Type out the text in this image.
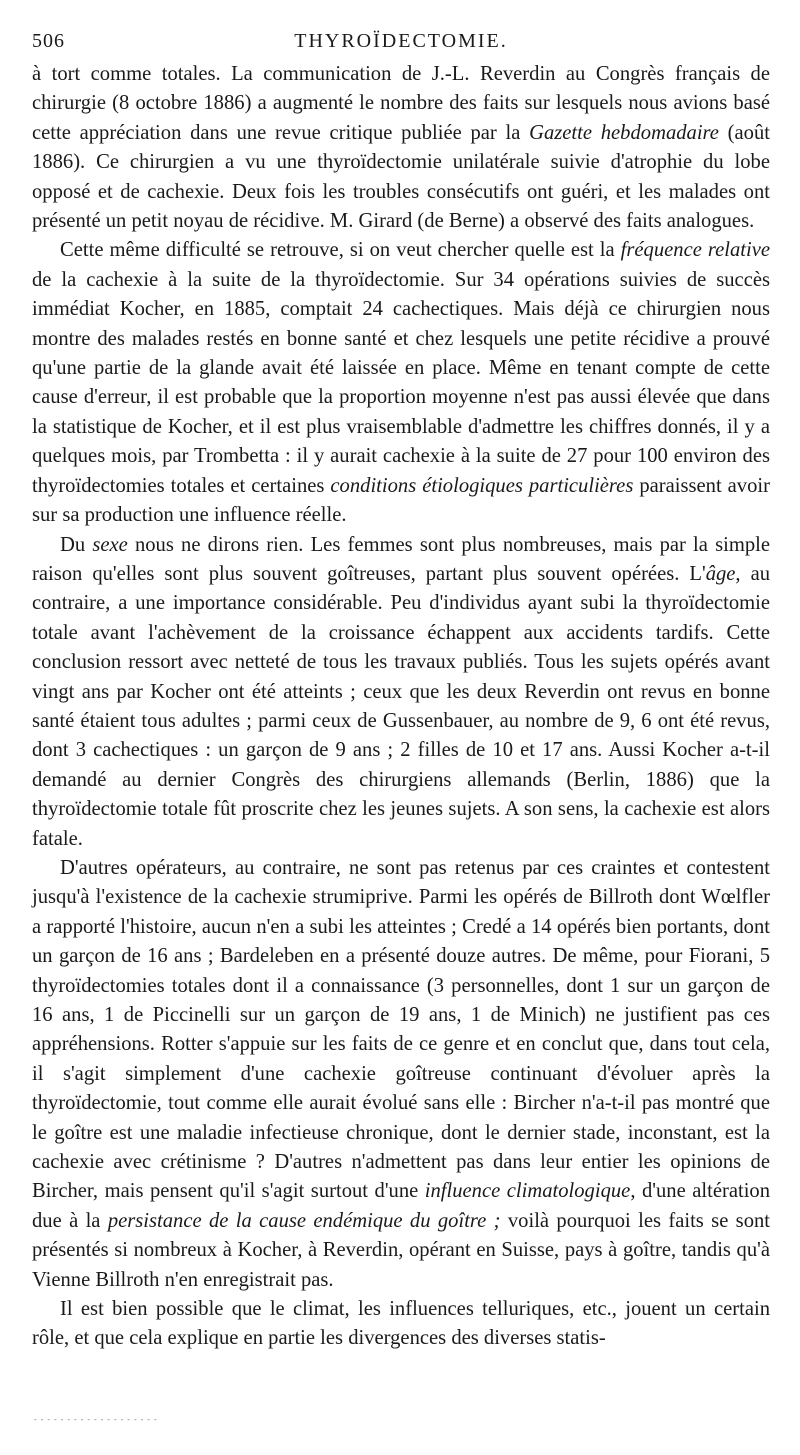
506	THYROÏDECTOMIE.

à tort comme totales. La communication de J.-L. Reverdin au Congrès français de chirurgie (8 octobre 1886) a augmenté le nombre des faits sur lesquels nous avions basé cette appréciation dans une revue critique publiée par la Gazette hebdomadaire (août 1886). Ce chirurgien a vu une thyroïdectomie unilatérale suivie d'atrophie du lobe opposé et de cachexie. Deux fois les troubles consécutifs ont guéri, et les malades ont présenté un petit noyau de récidive. M. Girard (de Berne) a observé des faits analogues.

Cette même difficulté se retrouve, si on veut chercher quelle est la fréquence relative de la cachexie à la suite de la thyroïdectomie. Sur 34 opérations suivies de succès immédiat Kocher, en 1885, comptait 24 cachectiques. Mais déjà ce chirurgien nous montre des malades restés en bonne santé et chez lesquels une petite récidive a prouvé qu'une partie de la glande avait été laissée en place. Même en tenant compte de cette cause d'erreur, il est probable que la proportion moyenne n'est pas aussi élevée que dans la statistique de Kocher, et il est plus vraisemblable d'admettre les chiffres donnés, il y a quelques mois, par Trombetta : il y aurait cachexie à la suite de 27 pour 100 environ des thyroïdectomies totales et certaines conditions étiologiques particulières paraissent avoir sur sa production une influence réelle.

Du sexe nous ne dirons rien. Les femmes sont plus nombreuses, mais par la simple raison qu'elles sont plus souvent goîtreuses, partant plus souvent opérées. L'âge, au contraire, a une importance considérable. Peu d'individus ayant subi la thyroïdectomie totale avant l'achèvement de la croissance échappent aux accidents tardifs. Cette conclusion ressort avec netteté de tous les travaux publiés. Tous les sujets opérés avant vingt ans par Kocher ont été atteints ; ceux que les deux Reverdin ont revus en bonne santé étaient tous adultes ; parmi ceux de Gussenbauer, au nombre de 9, 6 ont été revus, dont 3 cachectiques : un garçon de 9 ans ; 2 filles de 10 et 17 ans. Aussi Kocher a-t-il demandé au dernier Congrès des chirurgiens allemands (Berlin, 1886) que la thyroïdectomie totale fût proscrite chez les jeunes sujets. A son sens, la cachexie est alors fatale.

D'autres opérateurs, au contraire, ne sont pas retenus par ces craintes et contestent jusqu'à l'existence de la cachexie strumiprive. Parmi les opérés de Billroth dont Wœlfler a rapporté l'histoire, aucun n'en a subi les atteintes ; Credé a 14 opérés bien portants, dont un garçon de 16 ans ; Bardeleben en a présenté douze autres. De même, pour Fiorani, 5 thyroïdectomies totales dont il a connaissance (3 personnelles, dont 1 sur un garçon de 16 ans, 1 de Piccinelli sur un garçon de 19 ans, 1 de Minich) ne justifient pas ces appréhensions. Rotter s'appuie sur les faits de ce genre et en conclut que, dans tout cela, il s'agit simplement d'une cachexie goîtreuse continuant d'évoluer après la thyroïdectomie, tout comme elle aurait évolué sans elle : Bircher n'a-t-il pas montré que le goître est une maladie infectieuse chronique, dont le dernier stade, inconstant, est la cachexie avec crétinisme ? D'autres n'admettent pas dans leur entier les opinions de Bircher, mais pensent qu'il s'agit surtout d'une influence climatologique, d'une altération due à la persistance de la cause endémique du goître ; voilà pourquoi les faits se sont présentés si nombreux à Kocher, à Reverdin, opérant en Suisse, pays à goître, tandis qu'à Vienne Billroth n'en enregistrait pas.

Il est bien possible que le climat, les influences telluriques, etc., jouent un certain rôle, et que cela explique en partie les divergences des diverses statis-

- - - - - - - - - - - - - - - - - - -
